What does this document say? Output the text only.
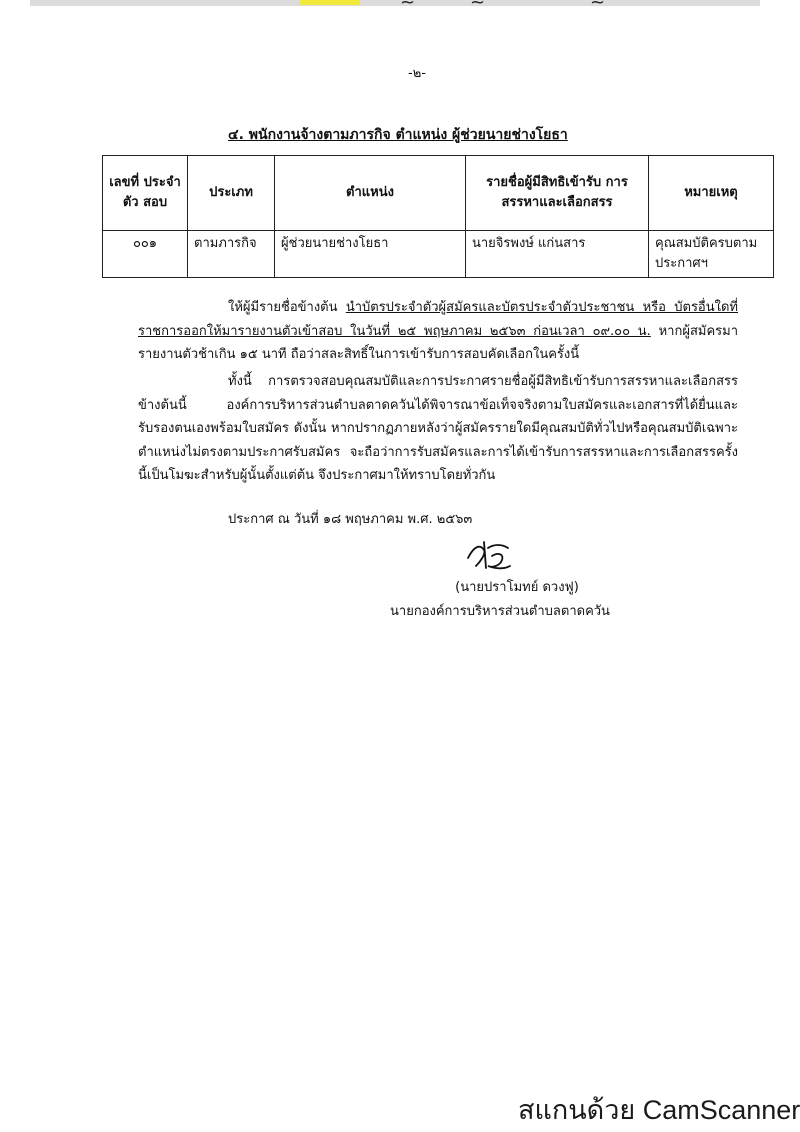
~	~	~
-๒-
๔. พนักงานจ้างตามภารกิจ ตำแหน่ง ผู้ช่วยนายช่างโยธา
เลขที่ ประจำตัว สอบ	ประเภท	ตำแหน่ง	รายชื่อผู้มีสิทธิเข้ารับ การสรรหาและเลือกสรร	หมายเหตุ
๐๐๑	ตามภารกิจ	ผู้ช่วยนายช่างโยธา	นายจิรพงษ์ แก่นสาร	คุณสมบัติครบตาม ประกาศฯ
ให้ผู้มีรายชื่อข้างต้น นำบัตรประจำตัวผู้สมัครและบัตรประจำตัวประชาชน หรือ บัตรอื่นใดที่ราชการออกให้มารายงานตัวเข้าสอบ ในวันที่ ๒๕ พฤษภาคม ๒๕๖๓ ก่อนเวลา ๐๙.๐๐ น. หากผู้สมัครมารายงานตัวช้าเกิน ๑๕ นาที ถือว่าสละสิทธิ์ในการเข้ารับการสอบคัดเลือกในครั้งนี้
ทั้งนี้ การตรวจสอบคุณสมบัติและการประกาศรายชื่อผู้มีสิทธิเข้ารับการสรรหาและเลือกสรรข้างต้นนี้ องค์การบริหารส่วนตำบลตาดควันได้พิจารณาข้อเท็จจริงตามใบสมัครและเอกสารที่ได้ยื่นและรับรองตนเองพร้อมใบสมัคร ดังนั้น หากปรากฏภายหลังว่าผู้สมัครรายใดมีคุณสมบัติทั่วไปหรือคุณสมบัติเฉพาะตำแหน่งไม่ตรงตามประกาศรับสมัคร จะถือว่าการรับสมัครและการได้เข้ารับการสรรหาและการเลือกสรรครั้งนี้เป็นโมฆะสำหรับผู้นั้นตั้งแต่ต้น จึงประกาศมาให้ทราบโดยทั่วกัน
ประกาศ ณ วันที่ ๑๘ พฤษภาคม พ.ศ. ๒๕๖๓
(นายปราโมทย์ ดวงฟู)
นายกองค์การบริหารส่วนตำบลตาดควัน
สแกนด้วย CamScanner
